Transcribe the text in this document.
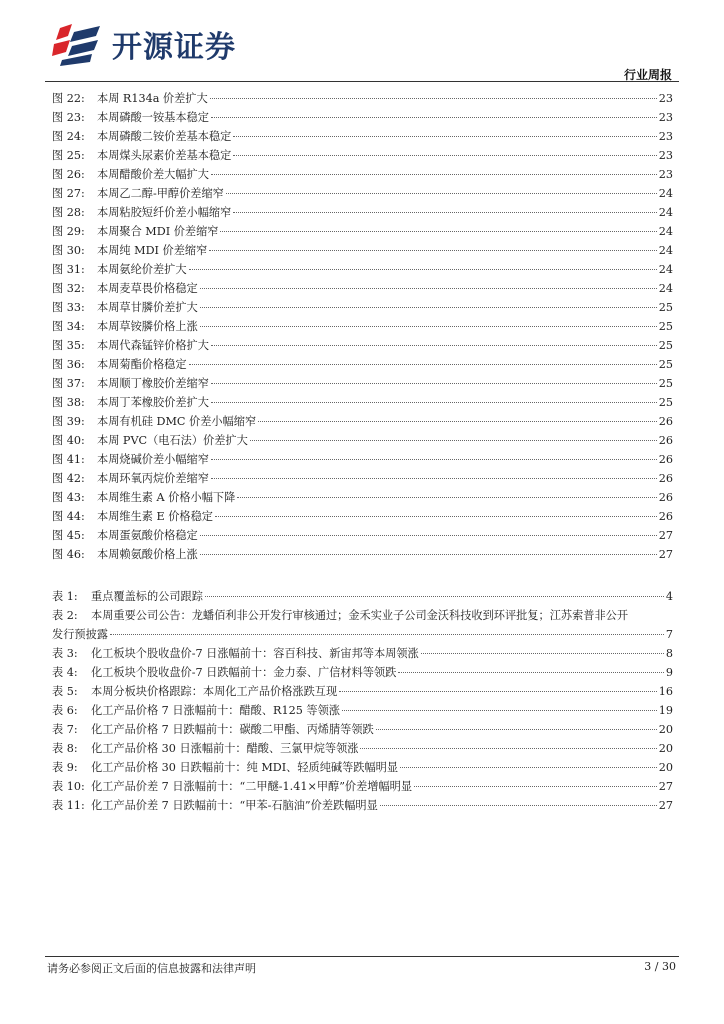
开源证券
行业周报
图 22:	本周 R134a 价差扩大	23
图 23:	本周磷酸一铵基本稳定	23
图 24:	本周磷酸二铵价差基本稳定	23
图 25:	本周煤头尿素价差基本稳定	23
图 26:	本周醋酸价差大幅扩大	23
图 27:	本周乙二醇-甲醇价差缩窄	24
图 28:	本周粘胶短纤价差小幅缩窄	24
图 29:	本周聚合 MDI 价差缩窄	24
图 30:	本周纯 MDI 价差缩窄	24
图 31:	本周氨纶价差扩大	24
图 32:	本周麦草畏价格稳定	24
图 33:	本周草甘膦价差扩大	25
图 34:	本周草铵膦价格上涨	25
图 35:	本周代森锰锌价格扩大	25
图 36:	本周菊酯价格稳定	25
图 37:	本周顺丁橡胶价差缩窄	25
图 38:	本周丁苯橡胶价差扩大	25
图 39:	本周有机硅 DMC 价差小幅缩窄	26
图 40:	本周 PVC（电石法）价差扩大	26
图 41:	本周烧碱价差小幅缩窄	26
图 42:	本周环氧丙烷价差缩窄	26
图 43:	本周维生素 A 价格小幅下降	26
图 44:	本周维生素 E 价格稳定	26
图 45:	本周蛋氨酸价格稳定	27
图 46:	本周赖氨酸价格上涨	27
表 1:	重点覆盖标的公司跟踪	4
表 2:	本周重要公司公告：龙蟠佰利非公开发行审核通过；金禾实业子公司金沃科技收到环评批复；江苏索普非公开
发行预披露	7
表 3:	化工板块个股收盘价-7 日涨幅前十：容百科技、新宙邦等本周领涨	8
表 4:	化工板块个股收盘价-7 日跌幅前十：金力泰、广信材料等领跌	9
表 5:	本周分板块价格跟踪：本周化工产品价格涨跌互现	16
表 6:	化工产品价格 7 日涨幅前十：醋酸、R125 等领涨	19
表 7:	化工产品价格 7 日跌幅前十：碳酸二甲酯、丙烯腈等领跌	20
表 8:	化工产品价格 30 日涨幅前十：醋酸、三氯甲烷等领涨	20
表 9:	化工产品价格 30 日跌幅前十：纯 MDI、轻质纯碱等跌幅明显	20
表 10: 化工产品价差 7 日涨幅前十：“二甲醚-1.41×甲醇”价差增幅明显	27
表 11: 化工产品价差 7 日跌幅前十：“甲苯-石脑油”价差跌幅明显	27
请务必参阅正文后面的信息披露和法律声明	3 / 30
